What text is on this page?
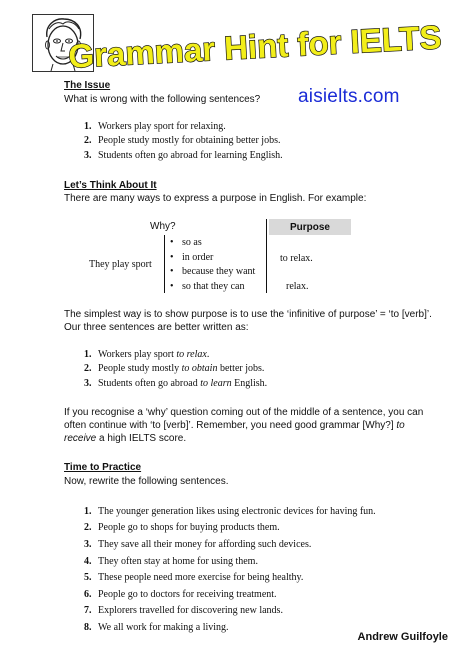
Grammar Hint for IELTS
aisielts.com
The Issue
What is wrong with the following sentences?
1. Workers play sport for relaxing.
2. People study mostly for obtaining better jobs.
3. Students often go abroad for learning English.
Let’s Think About It
There are many ways to express a purpose in English. For example:
Why?	Purpose
They play sport
• so as
• in order
• because they want
• so that they can
to relax.
relax.
The simplest way is to show purpose is to use the ‘infinitive of purpose’ = ‘to [verb]’.
Our three sentences are better written as:
1. Workers play sport
to relax .
2. People study mostly
to obtain
better jobs.
3. Students often go abroad
to learn
English.
If you recognise a ‘why’ question coming out of the middle of a sentence, you can
often continue with ‘to [verb]’. Remember, you need good grammar [Why?] to
receive a high IELTS score.
Time to Practice
Now, rewrite the following sentences.
1. The younger generation likes using electronic devices for having fun.
2. People go to shops for buying products them.
3. They save all their money for affording such devices.
4. They often stay at home for using them.
5. These people need more exercise for being healthy.
6. People go to doctors for receiving treatment.
7. Explorers travelled for discovering new lands.
8. We all work for making a living.
Andrew Guilfoyle
